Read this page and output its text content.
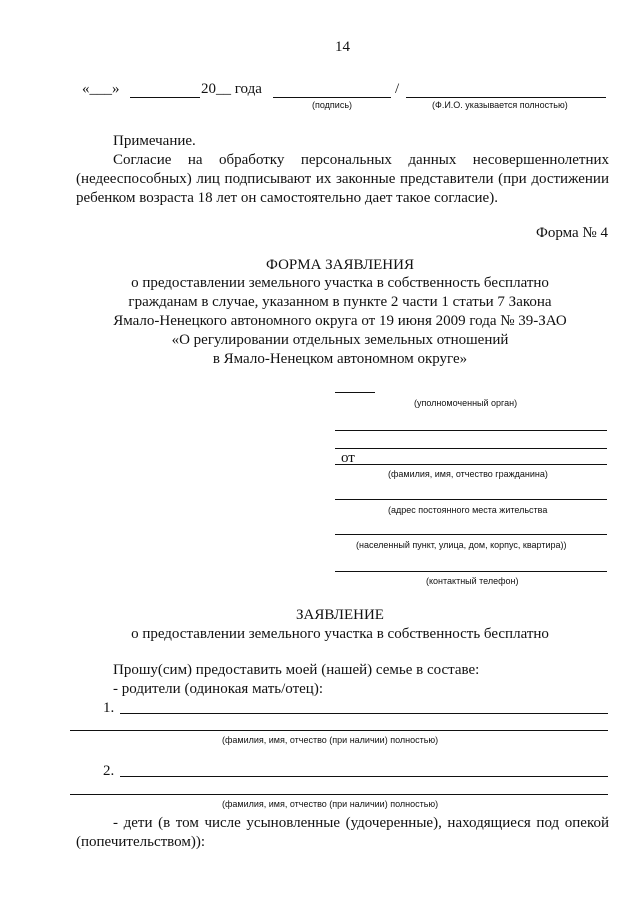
14
«___»	20__ года	/
(подпись)	(Ф.И.О. указывается полностью)
Примечание.
Согласие на обработку персональных данных несовершеннолетних
(недееспособных) лиц подписывают их законные представители (при достижении
ребенком возраста 18 лет он самостоятельно дает такое согласие).
Форма № 4
ФОРМА ЗАЯВЛЕНИЯ
о предоставлении земельного участка в собственность бесплатно
гражданам в случае, указанном в пункте 2 части 1 статьи 7 Закона
Ямало-Ненецкого автономного округа от 19 июня 2009 года № 39-ЗАО
«О регулировании отдельных земельных отношений
в Ямало-Ненецком автономном округе»
(уполномоченный орган)
от
(фамилия, имя, отчество гражданина)
(адрес постоянного места жительства
(населенный пункт, улица, дом, корпус, квартира))
(контактный телефон)
ЗАЯВЛЕНИЕ
о предоставлении земельного участка в собственность бесплатно
Прошу(сим) предоставить моей (нашей) семье в составе:
- родители (одинокая мать/отец):
1.
(фамилия, имя, отчество (при наличии) полностью)
2.
(фамилия, имя, отчество (при наличии) полностью)
- дети (в том числе усыновленные (удочеренные), находящиеся под опекой
(попечительством)):
